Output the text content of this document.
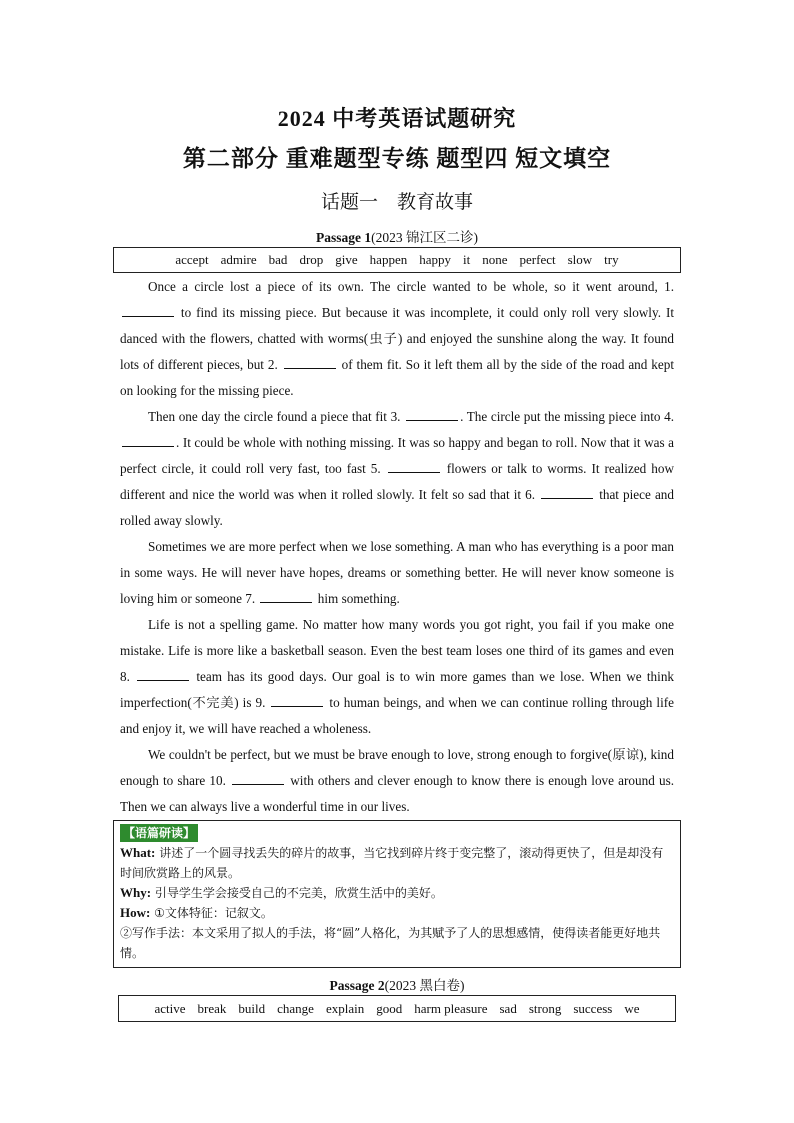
2024 中考英语试题研究
第二部分 重难题型专练 题型四 短文填空
话题一　教育故事
Passage 1(2023 锦江区二诊)
accept admire bad drop give happen happy it none perfect slow try

Once a circle lost a piece of its own. The circle wanted to be whole, so it went around, 1.  to find its missing piece. But because it was incomplete, it could only roll very slowly. It danced with the flowers, chatted with worms(虫子) and enjoyed the sunshine along the way. It found lots of different pieces, but 2.	of them fit. So it left them all by the side of the road and kept on looking for the missing piece.

Then one day the circle found a piece that fit 3.	. The circle put the missing piece into 4. . It could be whole with nothing missing. It was so happy and began to roll. Now that it was a perfect circle, it could roll very fast, too fast 5.	flowers or talk to worms. It realized how different and nice the world was when it rolled slowly. It felt so sad that it 6.	that piece and rolled away slowly.

Sometimes we are more perfect when we lose something. A man who has everything is a poor man in some ways. He will never have hopes, dreams or something better. He will never know someone is loving him or someone 7.	him something.

Life is not a spelling game. No matter how many words you got right, you fail if you make one mistake. Life is more like a basketball season. Even the best team loses one third of its games and even 8.	team has its good days. Our goal is to win more games than we lose. When we think imperfection(不完美) is 9.	to human beings, and when we can continue rolling through life and enjoy it, we will have reached a wholeness.

We couldn't be perfect, but we must be brave enough to love, strong enough to forgive(原谅), kind enough to share 10.	with others and clever enough to know there is enough love around us. Then we can always live a wonderful time in our lives.

【语篇研读】
What: 讲述了一个圆寻找丢失的碎片的故事，当它找到碎片终于变完整了，滚动得更快了，但是却没有时间欣赏路上的风景。
Why: 引导学生学会接受自己的不完美，欣赏生活中的美好。
How: ①文体特征：记叙文。
②写作手法：本文采用了拟人的手法，将“圆”人格化，为其赋予了人的思想感情，使得读者能更好地共情。
Passage 2(2023 黑白卷)
active break build change explain good harm pleasure sad strong success we
